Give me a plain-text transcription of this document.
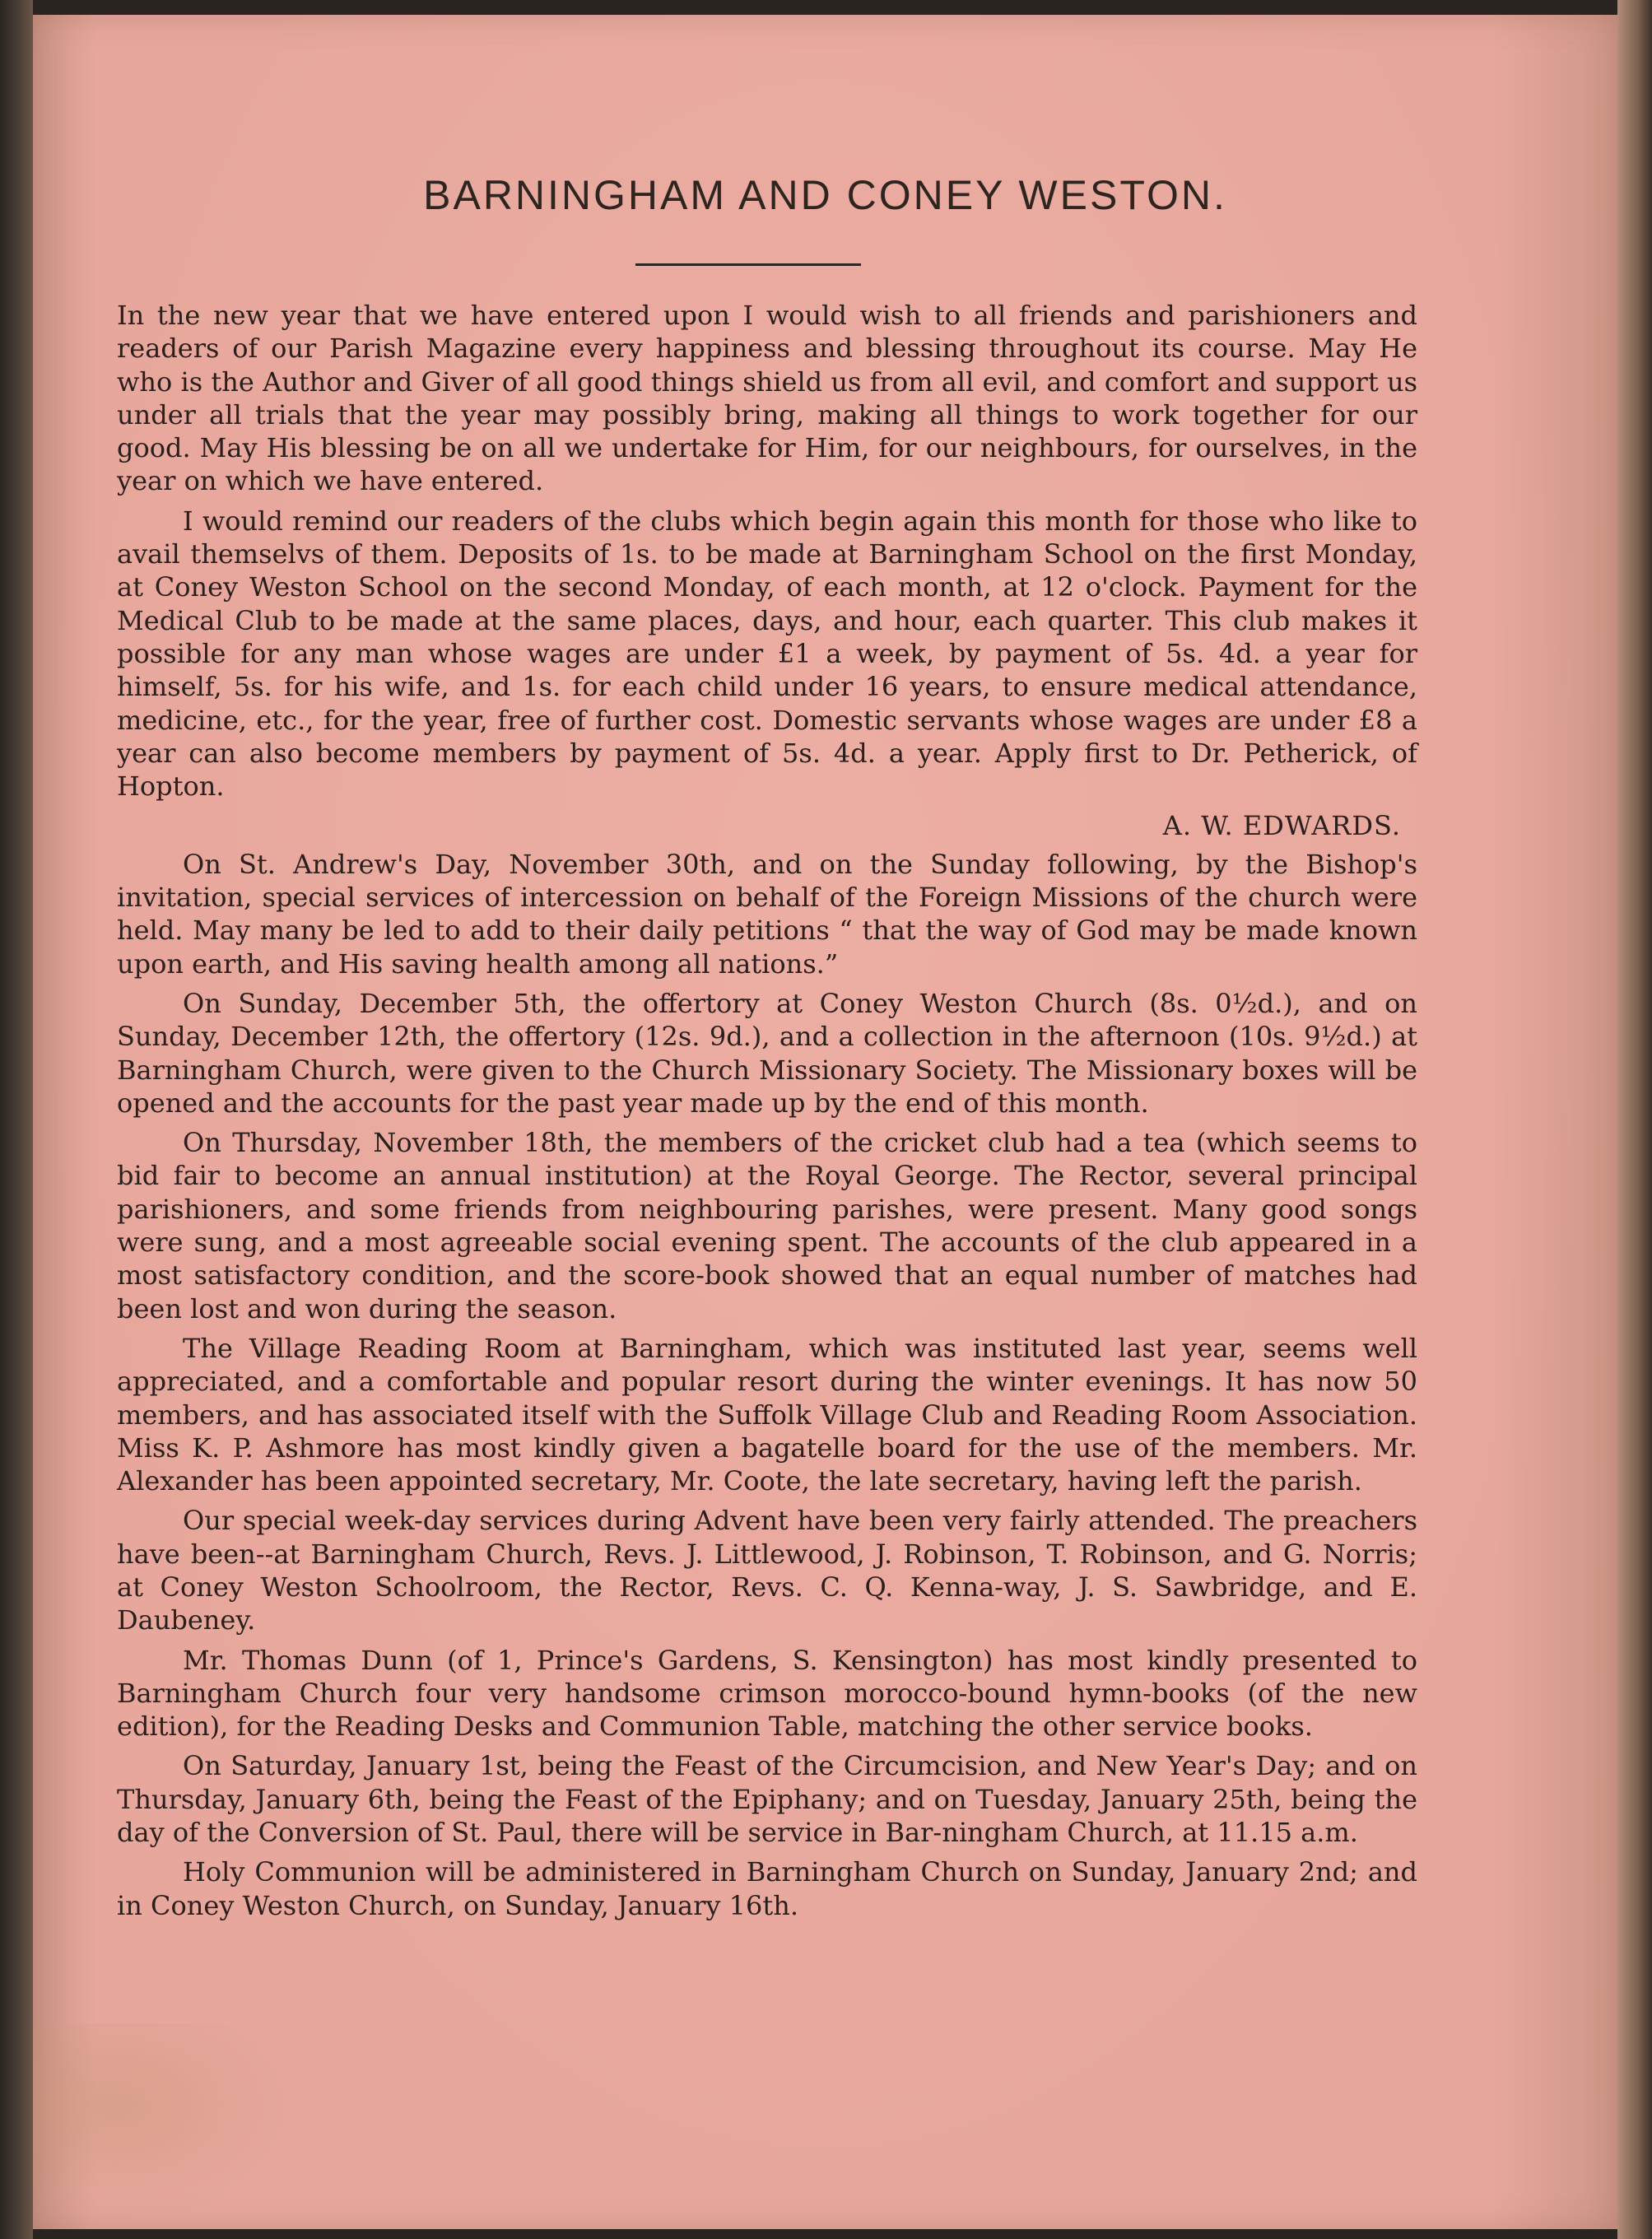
BARNINGHAM AND CONEY WESTON.

In the new year that we have entered upon I would wish to all friends and parishioners and readers of our Parish Magazine every happiness and blessing throughout its course. May He who is the Author and Giver of all good things shield us from all evil, and comfort and support us under all trials that the year may possibly bring, making all things to work together for our good. May His blessing be on all we undertake for Him, for our neighbours, for ourselves, in the year on which we have entered.

I would remind our readers of the clubs which begin again this month for those who like to avail themselvs of them. Deposits of 1s. to be made at Barningham School on the first Monday, at Coney Weston School on the second Monday, of each month, at 12 o'clock. Payment for the Medical Club to be made at the same places, days, and hour, each quarter. This club makes it possible for any man whose wages are under £1 a week, by payment of 5s. 4d. a year for himself, 5s. for his wife, and 1s. for each child under 16 years, to ensure medical attendance, medicine, etc., for the year, free of further cost. Domestic servants whose wages are under £8 a year can also become members by payment of 5s. 4d. a year. Apply first to Dr. Petherick, of Hopton.

A. W. EDWARDS.

On St. Andrew's Day, November 30th, and on the Sunday following, by the Bishop's invitation, special services of intercession on behalf of the Foreign Missions of the church were held. May many be led to add to their daily petitions “ that the way of God may be made known upon earth, and His saving health among all nations.”

On Sunday, December 5th, the offertory at Coney Weston Church (8s. 0½d.), and on Sunday, December 12th, the offertory (12s. 9d.), and a collection in the afternoon (10s. 9½d.) at Barningham Church, were given to the Church Missionary Society. The Missionary boxes will be opened and the accounts for the past year made up by the end of this month.

On Thursday, November 18th, the members of the cricket club had a tea (which seems to bid fair to become an annual institution) at the Royal George. The Rector, several principal parishioners, and some friends from neighbouring parishes, were present. Many good songs were sung, and a most agreeable social evening spent. The accounts of the club appeared in a most satisfactory condition, and the score-book showed that an equal number of matches had been lost and won during the season.

The Village Reading Room at Barningham, which was instituted last year, seems well appreciated, and a comfortable and popular resort during the winter evenings. It has now 50 members, and has associated itself with the Suffolk Village Club and Reading Room Association. Miss K. P. Ashmore has most kindly given a bagatelle board for the use of the members. Mr. Alexander has been appointed secretary, Mr. Coote, the late secretary, having left the parish.

Our special week-day services during Advent have been very fairly attended. The preachers have been--at Barningham Church, Revs. J. Littlewood, J. Robinson, T. Robinson, and G. Norris; at Coney Weston Schoolroom, the Rector, Revs. C. Q. Kenna-way, J. S. Sawbridge, and E. Daubeney.

Mr. Thomas Dunn (of 1, Prince's Gardens, S. Kensington) has most kindly presented to Barningham Church four very handsome crimson morocco-bound hymn-books (of the new edition), for the Reading Desks and Communion Table, matching the other service books.

On Saturday, January 1st, being the Feast of the Circumcision, and New Year's Day; and on Thursday, January 6th, being the Feast of the Epiphany; and on Tuesday, January 25th, being the day of the Conversion of St. Paul, there will be service in Bar-ningham Church, at 11.15 a.m.

Holy Communion will be administered in Barningham Church on Sunday, January 2nd; and in Coney Weston Church, on Sunday, January 16th.
